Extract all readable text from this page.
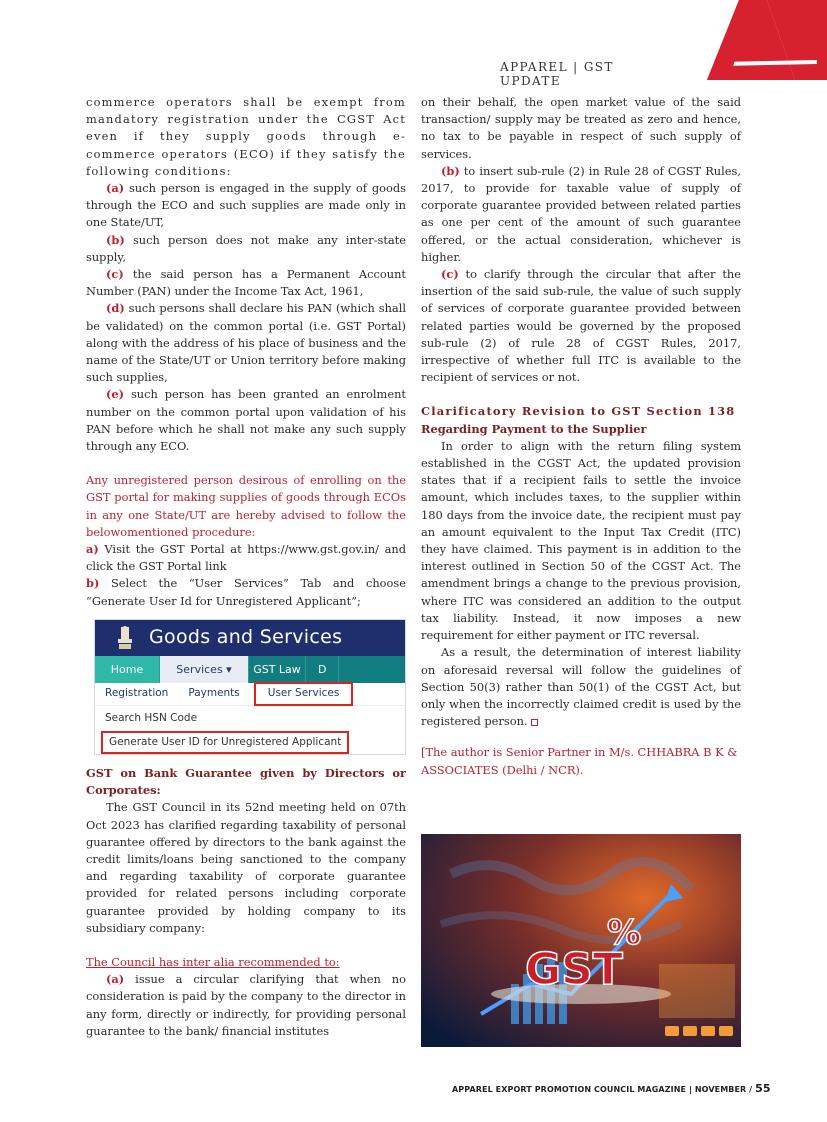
APPAREL | GST UPDATE

commerce operators shall be exempt from mandatory registration under the CGST Act even if they supply goods through e-commerce operators (ECO) if they satisfy the following conditions:

(a) such person is engaged in the supply of goods through the ECO and such supplies are made only in one State/UT,

(b) such person does not make any inter-state supply,

(c) the said person has a Permanent Account Number (PAN) under the Income Tax Act, 1961,

(d) such persons shall declare his PAN (which shall be validated) on the common portal (i.e. GST Portal) along with the address of his place of business and the name of the State/UT or Union territory before making such supplies,

(e) such person has been granted an enrolment number on the common portal upon validation of his PAN before which he shall not make any such supply through any ECO.

Any unregistered person desirous of enrolling on the GST portal for making supplies of goods through ECOs in any one State/UT are hereby advised to follow the belowomentioned procedure:

a) Visit the GST Portal at https://www.gst.gov.in/ and click the GST Portal link

b) Select the “User Services” Tab and choose “Generate User Id for Unregistered Applicant”;

Goods and Services
Home	Services ▾	GST Law	D
Registration	Payments	User Services
Search HSN Code
Generate User ID for Unregistered Applicant

GST on Bank Guarantee given by Directors or Corporates:

The GST Council in its 52nd meeting held on 07th Oct 2023 has clarified regarding taxability of personal guarantee offered by directors to the bank against the credit limits/loans being sanctioned to the company and regarding taxability of corporate guarantee provided for related persons including corporate guarantee provided by holding company to its subsidiary company:

The Council has inter alia recommended to:

(a) issue a circular clarifying that when no consideration is paid by the company to the director in any form, directly or indirectly, for providing personal guarantee to the bank/ financial institutes

on their behalf, the open market value of the said transaction/ supply may be treated as zero and hence, no tax to be payable in respect of such supply of services.

(b) to insert sub-rule (2) in Rule 28 of CGST Rules, 2017, to provide for taxable value of supply of corporate guarantee provided between related parties as one per cent of the amount of such guarantee offered, or the actual consideration, whichever is higher.

(c) to clarify through the circular that after the insertion of the said sub-rule, the value of such supply of services of corporate guarantee provided between related parties would be governed by the proposed sub-rule (2) of rule 28 of CGST Rules, 2017, irrespective of whether full ITC is available to the recipient of services or not.

Clarificatory Revision to GST Section 138

Regarding Payment to the Supplier

In order to align with the return filing system established in the CGST Act, the updated provision states that if a recipient fails to settle the invoice amount, which includes taxes, to the supplier within 180 days from the invoice date, the recipient must pay an amount equivalent to the Input Tax Credit (ITC) they have claimed. This payment is in addition to the interest outlined in Section 50 of the CGST Act. The amendment brings a change to the previous provision, where ITC was considered an addition to the output tax liability. Instead, it now imposes a new requirement for either payment or ITC reversal.

As a result, the determination of interest liability on aforesaid reversal will follow the guidelines of Section 50(3) rather than 50(1) of the CGST Act, but only when the incorrectly claimed credit is used by the registered person.

[The author is Senior Partner in M/s. CHHABRA B K & ASSOCIATES (Delhi / NCR).

GST
%
APPAREL EXPORT PROMOTION COUNCIL MAGAZINE | NOVEMBER / 55
